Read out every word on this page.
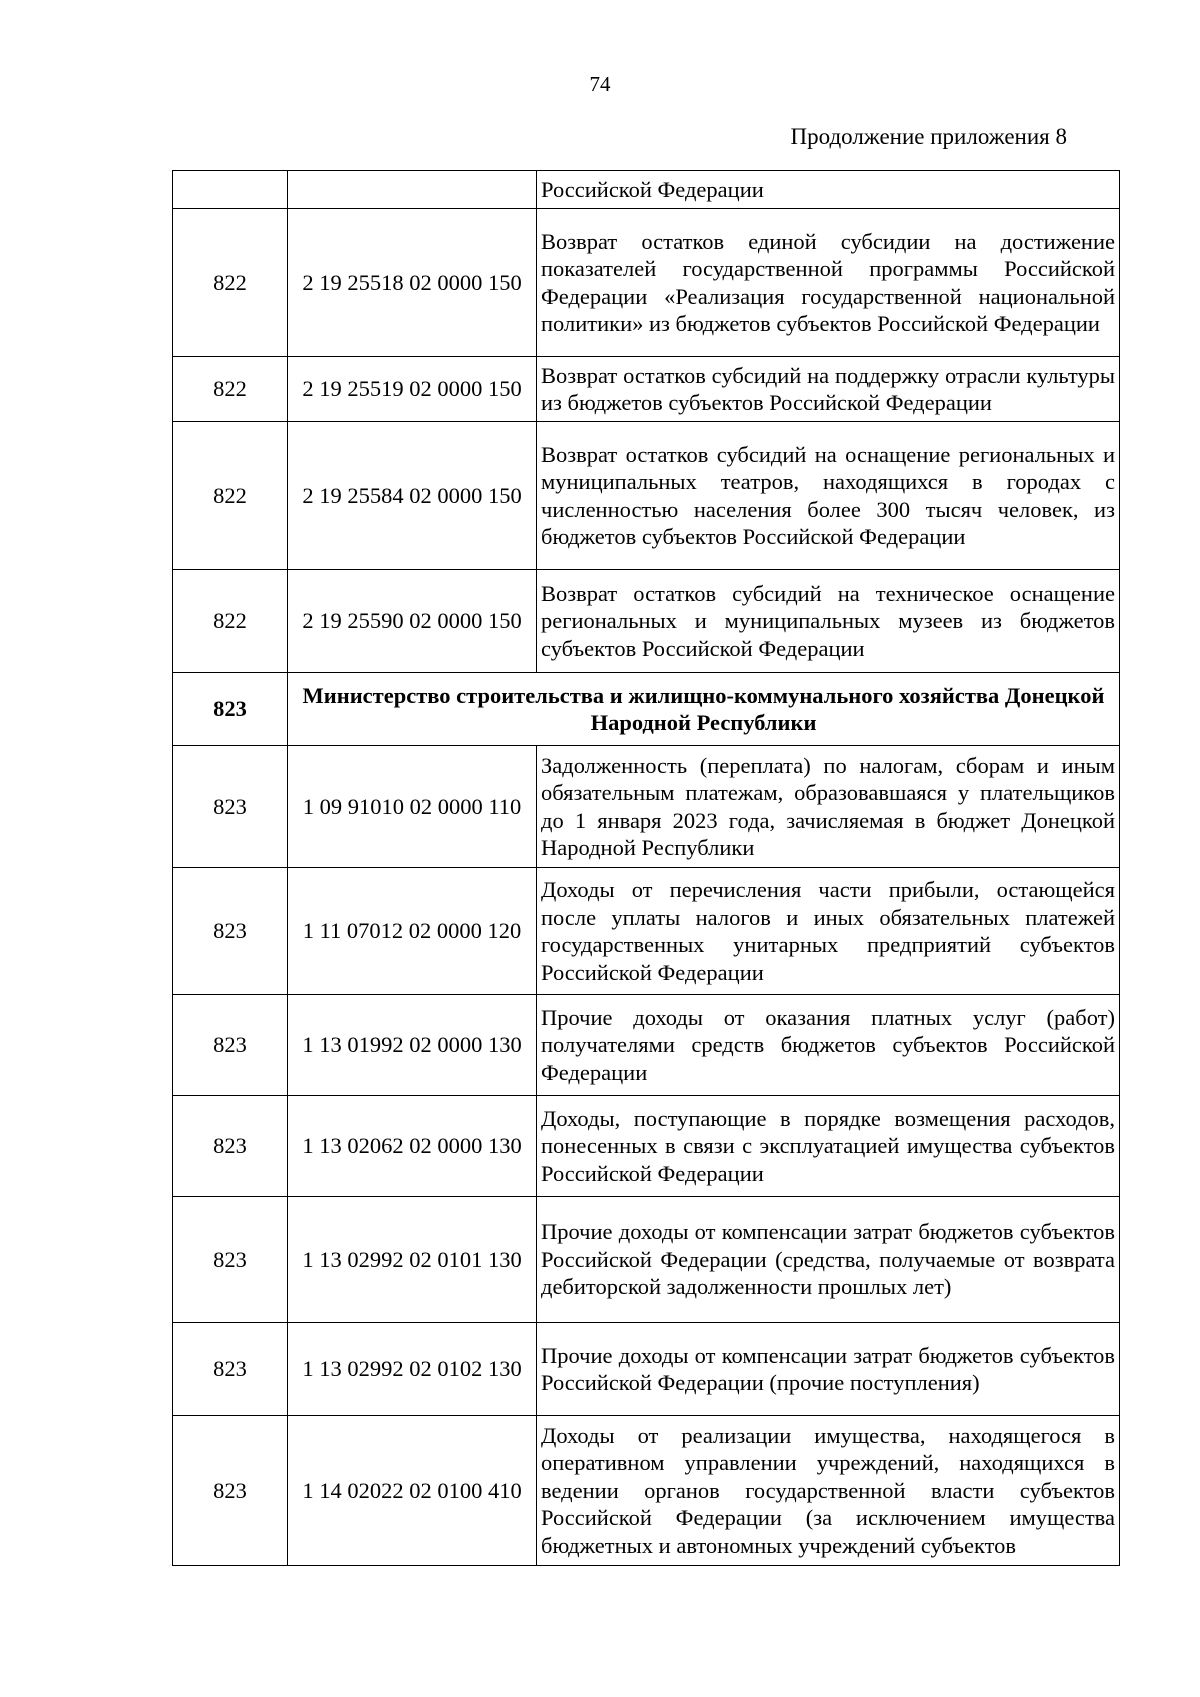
74
Продолжение приложения 8
		Российской Федерации
822	2 19 25518 02 0000 150	Возврат остатков единой субсидии на достижение показателей государственной программы Российской Федерации «Реализация государственной национальной политики» из бюджетов субъектов Российской Федерации
822	2 19 25519 02 0000 150	Возврат остатков субсидий на поддержку отрасли культуры из бюджетов субъектов Российской Федерации
822	2 19 25584 02 0000 150	Возврат остатков субсидий на оснащение региональных и муниципальных театров, находящихся в городах с численностью населения более 300 тысяч человек, из бюджетов субъектов Российской Федерации
822	2 19 25590 02 0000 150	Возврат остатков субсидий на техническое оснащение региональных и муниципальных музеев из бюджетов субъектов Российской Федерации
823	Министерство строительства и жилищно-коммунального хозяйства Донецкой Народной Республики	
823	1 09 91010 02 0000 110	Задолженность (переплата) по налогам, сборам и иным обязательным платежам, образовавшаяся у плательщиков до 1 января 2023 года, зачисляемая в бюджет Донецкой Народной Республики
823	1 11 07012 02 0000 120	Доходы от перечисления части прибыли, остающейся после уплаты налогов и иных обязательных платежей государственных унитарных предприятий субъектов Российской Федерации
823	1 13 01992 02 0000 130	Прочие доходы от оказания платных услуг (работ) получателями средств бюджетов субъектов Российской Федерации
823	1 13 02062 02 0000 130	Доходы, поступающие в порядке возмещения расходов, понесенных в связи с эксплуатацией имущества субъектов Российской Федерации
823	1 13 02992 02 0101 130	Прочие доходы от компенсации затрат бюджетов субъектов Российской Федерации (средства, получаемые от возврата дебиторской задолженности прошлых лет)
823	1 13 02992 02 0102 130	Прочие доходы от компенсации затрат бюджетов субъектов Российской Федерации (прочие поступления)
823	1 14 02022 02 0100 410	Доходы от реализации имущества, находящегося в оперативном управлении учреждений, находящихся в ведении органов государственной власти субъектов Российской Федерации (за исключением имущества бюджетных и автономных учреждений субъектов
